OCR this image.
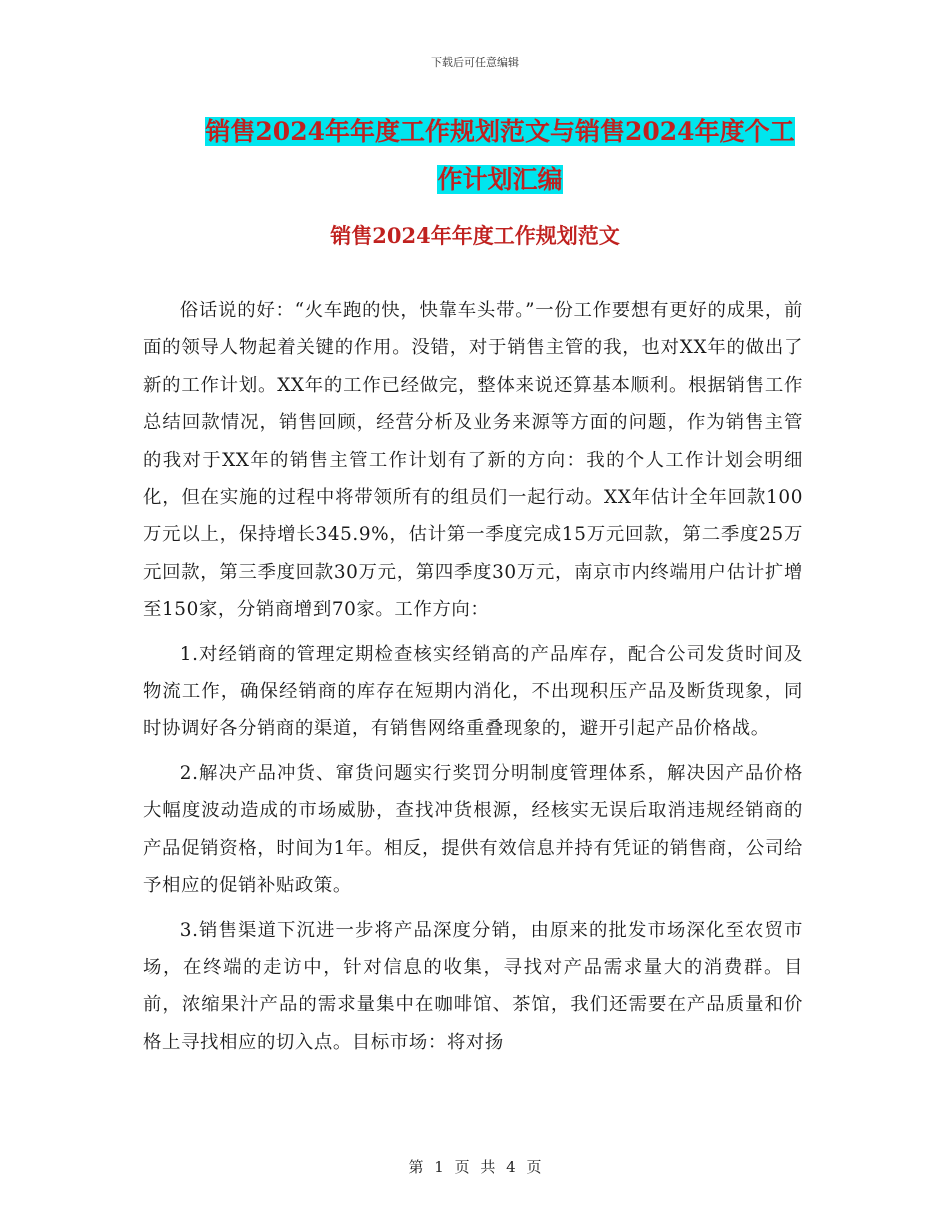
下载后可任意编辑
销售2024年年度工作规划范文与销售2024年度个工
作计划汇编
销售2024年年度工作规划范文

俗话说的好：“火车跑的快，快靠车头带。”一份工作要想有更好的成果，前面的领导人物起着关键的作用。没错，对于销售主管的我，也对XX年的做出了新的工作计划。XX年的工作已经做完，整体来说还算基本顺利。根据销售工作总结回款情况，销售回顾，经营分析及业务来源等方面的问题，作为销售主管的我对于XX年的销售主管工作计划有了新的方向：我的个人工作计划会明细化，但在实施的过程中将带领所有的组员们一起行动。XX年估计全年回款100万元以上，保持增长345.9%，估计第一季度完成15万元回款，第二季度25万元回款，第三季度回款30万元，第四季度30万元，南京市内终端用户估计扩增至150家，分销商增到70家。工作方向：

1.对经销商的管理定期检查核实经销高的产品库存，配合公司发货时间及物流工作，确保经销商的库存在短期内消化，不出现积压产品及断货现象，同时协调好各分销商的渠道，有销售网络重叠现象的，避开引起产品价格战。

2.解决产品冲货、窜货问题实行奖罚分明制度管理体系，解决因产品价格大幅度波动造成的市场威胁，查找冲货根源，经核实无误后取消违规经销商的产品促销资格，时间为1年。相反，提供有效信息并持有凭证的销售商，公司给予相应的促销补贴政策。

3.销售渠道下沉进一步将产品深度分销，由原来的批发市场深化至农贸市场，在终端的走访中，针对信息的收集，寻找对产品需求量大的消费群。目前，浓缩果汁产品的需求量集中在咖啡馆、茶馆，我们还需要在产品质量和价格上寻找相应的切入点。目标市场：将对扬

第 1 页 共 4 页
